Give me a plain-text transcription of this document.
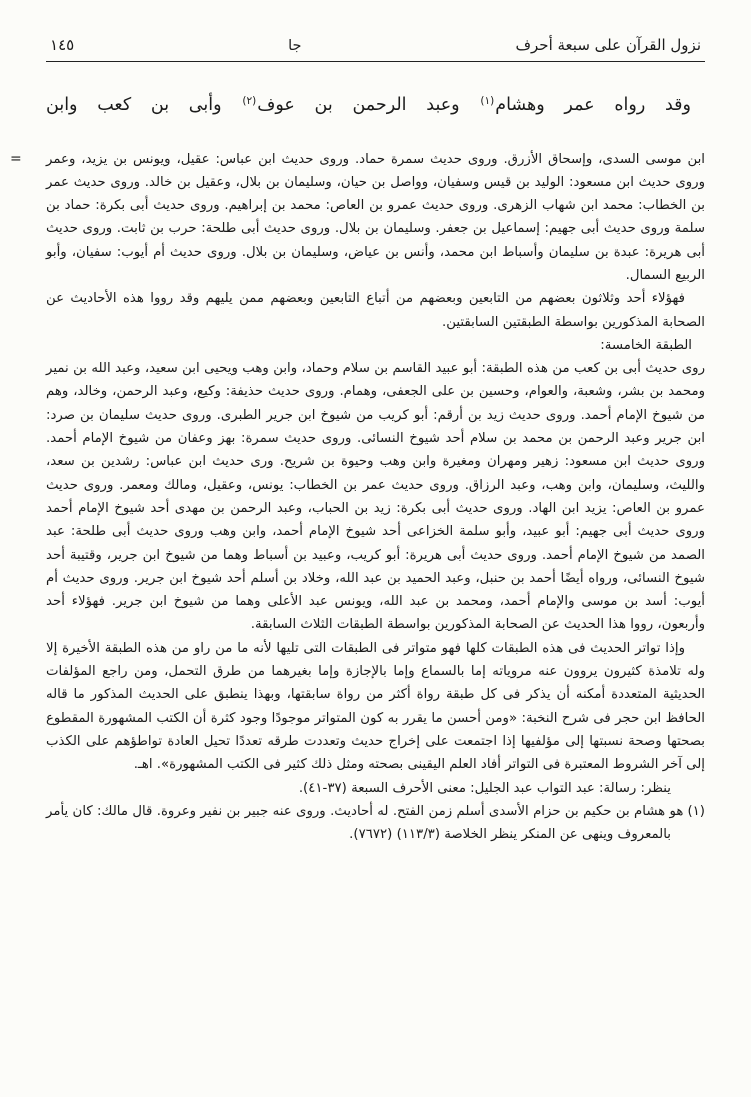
نزول القرآن على سبعة أحرف
جا
١٤٥

وقد رواه عمر وهشام$^{(١)}$ وعبد الرحمن بن عوف$^{(٢)}$ وأبى بن كعب وابن

= ابن موسى السدى، وإسحاق الأزرق. وروى حديث سمرة حماد. وروى حديث ابن عباس: عقيل، ويونس بن يزيد، وعمر وروى حديث ابن مسعود: الوليد بن قيس وسفيان، وواصل بن حيان، وسليمان بن بلال، وعقيل بن خالد. وروى حديث عمر بن الخطاب: محمد ابن شهاب الزهرى. وروى حديث عمرو بن العاص: محمد بن إبراهيم. وروى حديث أبى بكرة: حماد بن سلمة وروى حديث أبى جهيم: إسماعيل بن جعفر. وسليمان بن بلال. وروى حديث أبى طلحة: حرب بن ثابت. وروى حديث أبى هريرة: عبدة بن سليمان وأسباط ابن محمد، وأنس بن عياض، وسليمان بن بلال. وروى حديث أم أيوب: سفيان، وأبو الربيع السمال.

فهؤلاء أحد وثلاثون بعضهم من التابعين وبعضهم من أتباع التابعين وبعضهم ممن يليهم وقد رووا هذه الأحاديث عن الصحابة المذكورين بواسطة الطبقتين السابقتين.

الطبقة الخامسة:

روى حديث أبى بن كعب من هذه الطبقة: أبو عبيد القاسم بن سلام وحماد، وابن وهب ويحيى ابن سعيد، وعبد الله بن نمير ومحمد بن بشر، وشعبة، والعوام، وحسين بن على الجعفى، وهمام. وروى حديث حذيفة: وكيع، وعبد الرحمن، وخالد، وهم من شيوخ الإمام أحمد. وروى حديث زيد بن أرقم: أبو كريب من شيوخ ابن جرير الطبرى. وروى حديث سليمان بن صرد: ابن جرير وعبد الرحمن بن محمد بن سلام أحد شيوخ النسائى. وروى حديث سمرة: بهز وعفان من شيوخ الإمام أحمد. وروى حديث ابن مسعود: زهير ومهران ومغيرة وابن وهب وحيوة بن شريح. ورى حديث ابن عباس: رشدين بن سعد، والليث، وسليمان، وابن وهب، وعبد الرزاق. وروى حديث عمر بن الخطاب: يونس، وعقيل، ومالك ومعمر. وروى حديث عمرو بن العاص: يزيد ابن الهاد. وروى حديث أبى بكرة: زيد بن الحباب، وعبد الرحمن بن مهدى أحد شيوخ الإمام أحمد وروى حديث أبى جهيم: أبو عبيد، وأبو سلمة الخزاعى أحد شيوخ الإمام أحمد، وابن وهب وروى حديث أبى طلحة: عبد الصمد من شيوخ الإمام أحمد. وروى حديث أبى هريرة: أبو كريب، وعبيد بن أسباط وهما من شيوخ ابن جرير، وقتيبة أحد شيوخ النسائى، ورواه أيضًا أحمد بن حنبل، وعبد الحميد بن عبد الله، وخلاد بن أسلم أحد شيوخ ابن جرير. وروى حديث أم أيوب: أسد بن موسى والإمام أحمد، ومحمد بن عبد الله، ويونس عبد الأعلى وهما من شيوخ ابن جرير. فهؤلاء أحد وأربعون، رووا هذا الحديث عن الصحابة المذكورين بواسطة الطبقات الثلاث السابقة.

وإذا تواتر الحديث فى هذه الطبقات كلها فهو متواتر فى الطبقات التى تليها لأنه ما من راو من هذه الطبقة الأخيرة إلا وله تلامذة كثيرون يروون عنه مروياته إما بالسماع وإما بالإجازة وإما بغيرهما من طرق التحمل، ومن راجع المؤلفات الحديثية المتعددة أمكنه أن يذكر فى كل طبقة رواة أكثر من رواة سابقتها، وبهذا ينطبق على الحديث المذكور ما قاله الحافظ ابن حجر فى شرح النخبة: «ومن أحسن ما يقرر به كون المتواتر موجودًا وجود كثرة أن الكتب المشهورة المقطوع بصحتها وصحة نسبتها إلى مؤلفيها إذا اجتمعت على إخراج حديث وتعددت طرقه تعددًا تحيل العادة تواطؤهم على الكذب إلى آخر الشروط المعتبرة فى التواتر أفاد العلم اليقينى بصحته ومثل ذلك كثير فى الكتب المشهورة». اهـ.

ينظر: رسالة: عبد التواب عبد الجليل: معنى الأحرف السبعة (٣٧-٤١).

(١)هو هشام بن حكيم بن حزام الأسدى أسلم زمن الفتح. له أحاديث. وروى عنه جبير بن نفير وعروة. قال مالك: كان يأمر بالمعروف وينهى عن المنكر ينظر الخلاصة (١١٣/٣) (٧٦٧٢).
